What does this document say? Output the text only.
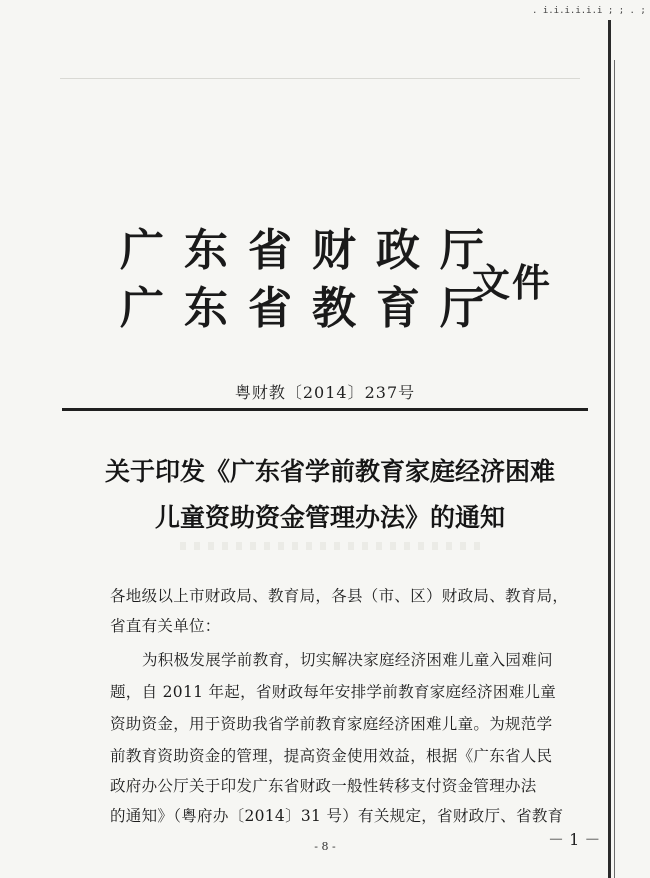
. i.i.i.i.i.i ; ; . ;
广东省财政厅
广东省教育厅
文件
粤财教〔2014〕237号
关于印发《广东省学前教育家庭经济困难
儿童资助资金管理办法》的通知
各地级以上市财政局、教育局，各县（市、区）财政局、教育局，
省直有关单位：
为积极发展学前教育，切实解决家庭经济困难儿童入园难问
题，自 2011 年起，省财政每年安排学前教育家庭经济困难儿童
资助资金，用于资助我省学前教育家庭经济困难儿童。为规范学
前教育资助资金的管理，提高资金使用效益，根据《广东省人民
政府办公厅关于印发广东省财政一般性转移支付资金管理办法
的通知》（粤府办〔2014〕31 号）有关规定，省财政厅、省教育
- 8 -	－ 1 －
